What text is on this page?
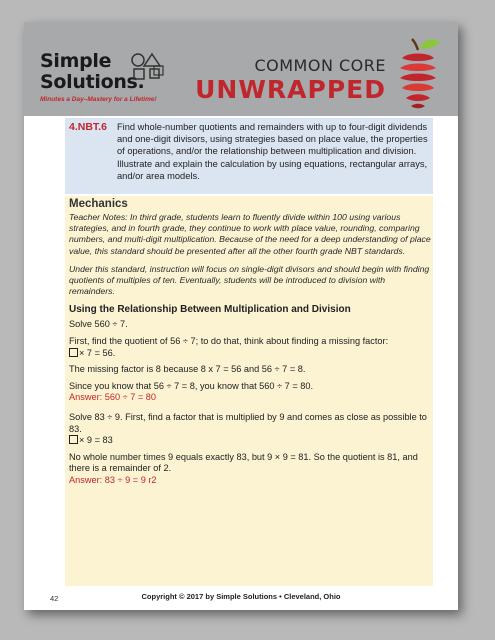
Simple
Solutions.
Minutes a Day–Mastery for a Lifetime!
COMMON CORE
UNWRAPPED
4.NBT.6 Find whole-number quotients and remainders with up to four-digit dividends and one-digit divisors, using strategies based on place value, the properties of operations, and/or the relationship between multiplication and division. Illustrate and explain the calculation by using equations, rectangular arrays, and/or area models.
Mechanics

Teacher Notes: In third grade, students learn to fluently divide within 100 using various strategies, and in fourth grade, they continue to work with place value, rounding, comparing numbers, and multi-digit multiplication. Because of the need for a deep understanding of place value, this standard should be presented after all the other fourth grade NBT standards.

Under this standard, instruction will focus on single-digit divisors and should begin with finding quotients of multiples of ten. Eventually, students will be introduced to division with remainders.

Using the Relationship Between Multiplication and Division

Solve 560 ÷ 7.

First, find the quotient of 56 ÷ 7; to do that, think about finding a missing factor:

× 7 = 56.

The missing factor is 8 because 8 x 7 = 56 and 56 ÷ 7 = 8.

Since you know that 56 ÷ 7 = 8, you know that 560 ÷ 7 = 80.

Answer: 560 ÷ 7 = 80

Solve 83 ÷ 9. First, find a factor that is multiplied by 9 and comes as close as possible to 83.

× 9 = 83

No whole number times 9 equals exactly 83, but 9 × 9 = 81. So the quotient is 81, and there is a remainder of 2.

Answer: 83 ÷ 9 = 9 r2

42	Copyright © 2017 by Simple Solutions • Cleveland, Ohio
